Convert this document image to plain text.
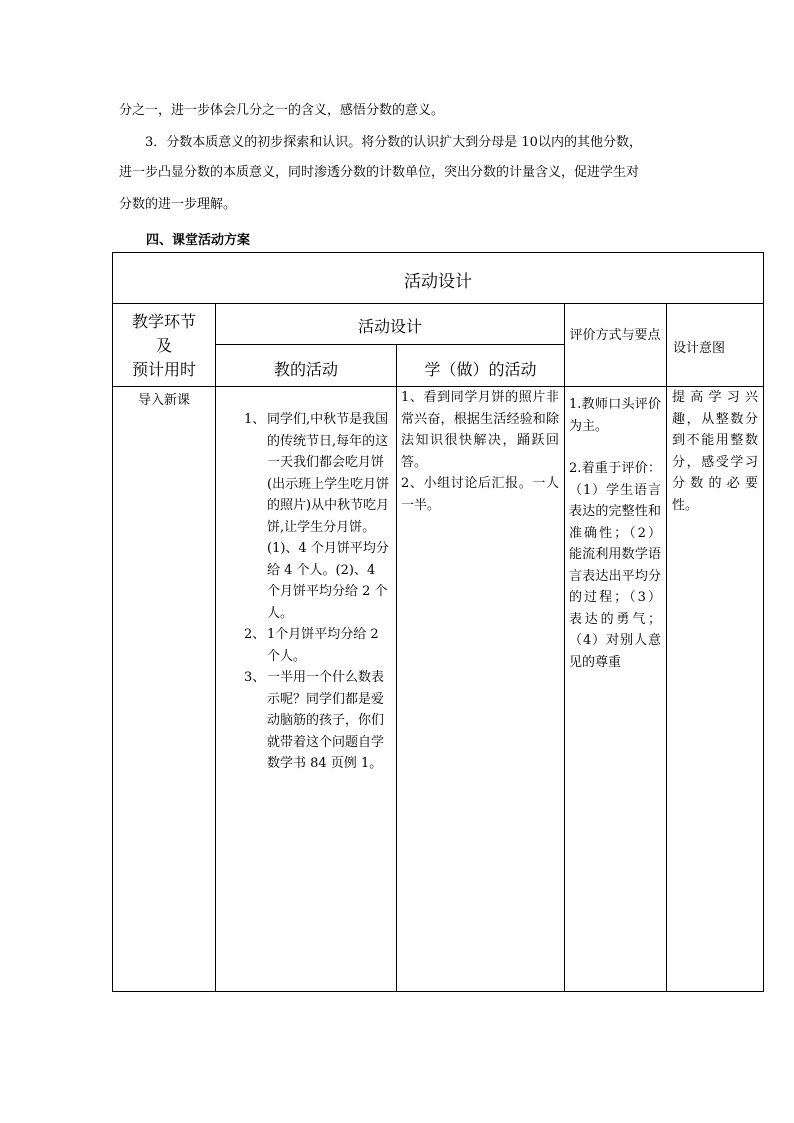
分之一，进一步体会几分之一的含义，感悟分数的意义。
3．分数本质意义的初步探索和认识。将分数的认识扩大到分母是 10以内的其他分数，
进一步凸显分数的本质意义，同时渗透分数的计数单位，突出分数的计量含义，促进学生对
分数的进一步理解。
四、课堂活动方案
活动设计
教学环节
及
预计用时
活动设计
教的活动	学（做）的活动
评价方式与要点
设计意图
导入新课
1、 同学们,中秋节是我国的传统节日,每年的这一天我们都会吃月饼(出示班上学生吃月饼的照片)从中秋节吃月饼,让学生分月饼。(1)、4 个月饼平均分给 4 个人。(2)、4 个月饼平均分给 2 个人。
2、 1个月饼平均分给 2 个人。
3、 一半用一个什么数表示呢？同学们都是爱动脑筋的孩子，你们就带着这个问题自学数学书 84 页例 1。
1、看到同学月饼的照片非常兴奋，根据生活经验和除法知识很快解决，踊跃回答。
2、小组讨论后汇报。一人一半。
1.教师口头评价为主。
2.着重于评价：（1）学生语言表达的完整性和准确性；（2）能流利用数学语言表达出平均分的过程；（3）表达的勇气；（4）对别人意见的尊重
提高学习兴趣，从整数分到不能用整数分，感受学习分数的必要性。
